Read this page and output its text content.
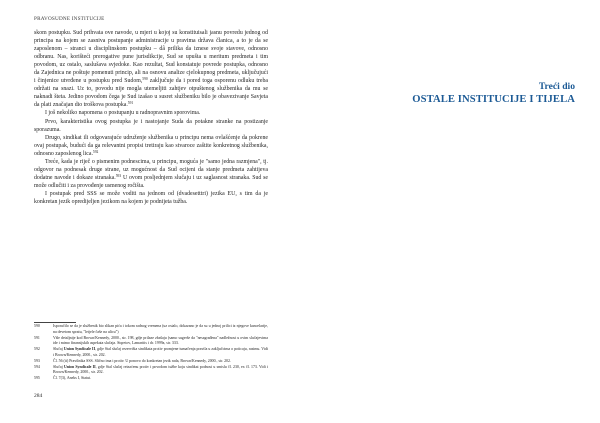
PRAVOSUDNE INSTITUCIJE

skom postupku. Sud prihvata ove navode, u mjeri u kojoj su konstituisali jasnu povredu jednog od principa na kojem se zasniva postupanje administracije u pravima država članica, a to je da se zaposlenom – stranci u disciplinskom postupku – dâ prilika da iznese svoje stavove, odnosno odbranu. Nas, korišteći prerogative pune jurisdikcije, Sud se upušta u meritum predmeta i tim povodom, uz ostalo, saslušava svjedoke. Kao rezultat, Sud konstatuje povrede postupka, odnosno da Zajednica ne poštuje pomenuti princip, ali na osnovu analize cjelokupnog predmeta, uključujući i činjenice utvrđene u postupku pred Sudom,$^{590}$ zaključuje da i pored toga osporenu odluku treba održati na snazi. Uz to, povodu nije mogla utemeljiti zahtjev otpuštenog službenika da mu se naknadi šteta. Jedino povodom čega je Sud izašao u susret službeniku bilo je obavezivanje Savjeta da plati značajan dio troškova postupka.$^{591}$

I još nekoliko napomena o postupanju u radnopravnim sporovima.

Prvo, karakteristika ovog postupka je i nastojanje Suda da potakne stranke na postizanje sporazuma.

Drugo, sindikat ili odgovarajuće udruženje službenika u principu nema ovlašćenje da pokrene ovaj postupak, budući da ga relevantni propisi tretiraju kao stvaroce zaštite konkretnog službenika, odnosno zaposlenog lica.$^{592}$

Treće, kada je riječ o pismenim podnescima, u principu, moguća je "samo jedna razmjena", tj. odgovor na podnesak druge strane, uz mogućnost da Sud ocijeni da stanje predmeta zahtijeva dodatne navode i dokaze stranaka.$^{593}$ U ovom posljednjem slučaju i uz saglasnost stranaka. Sud se može odlučiti i za provođenje usmenog ročišta.

I postupak pred SSS se može voditi na jednom od (dvadesetttri) jezika EU, s tim da je konkretan jezik opredijeljen jezikom na kojem je podnijeta tužba.

590	Isporučilo se da je službenik bio slikan pića i tokom radnog vremena (uz ostalo, dokazano je da su u jednoj prilici iz njegove kancelarije, na devetom spratu, "letjele čaše na ulicu")
591	Više detaljnije kod Brown/Kennedy, 2000., str. 198, gdje prilaze zbašaju (samo sugerše da "nesagrađena" nadležnost u ovim slučajevima ide i mimo finansijskih aspekata slučaja. Stqretov, Lamarttis i dr. 1999a, str. 333.
592	Slučaj Union Syndicale II, gdje Stal slučaj rezervišta sindikata protiv promjene tumačenja pravila u zaključcima o poticaju, rasimu. Vidi i Brown/Kennedy, 2000., str. 202.
593	Čl. 56 (ii) Pravilnika SSS. Slično ima i protiv. U ponovo do konkretan jezik rada, Brown/Kennedy, 2000., str. 202.
594	Slučaj Union Syndicale II, gdje Stal slučaj reizaćenu protiv i povodom tužbe koju sindikat podnosi u smislu čl. 230, ex čl. 173. Vidi i Brown/Kennedy, 2000., str. 202.
595	Čl. 7(3), Aneks I, Statut.
284
Treći dio
OSTALE INSTITUCIJE I TIJELA
